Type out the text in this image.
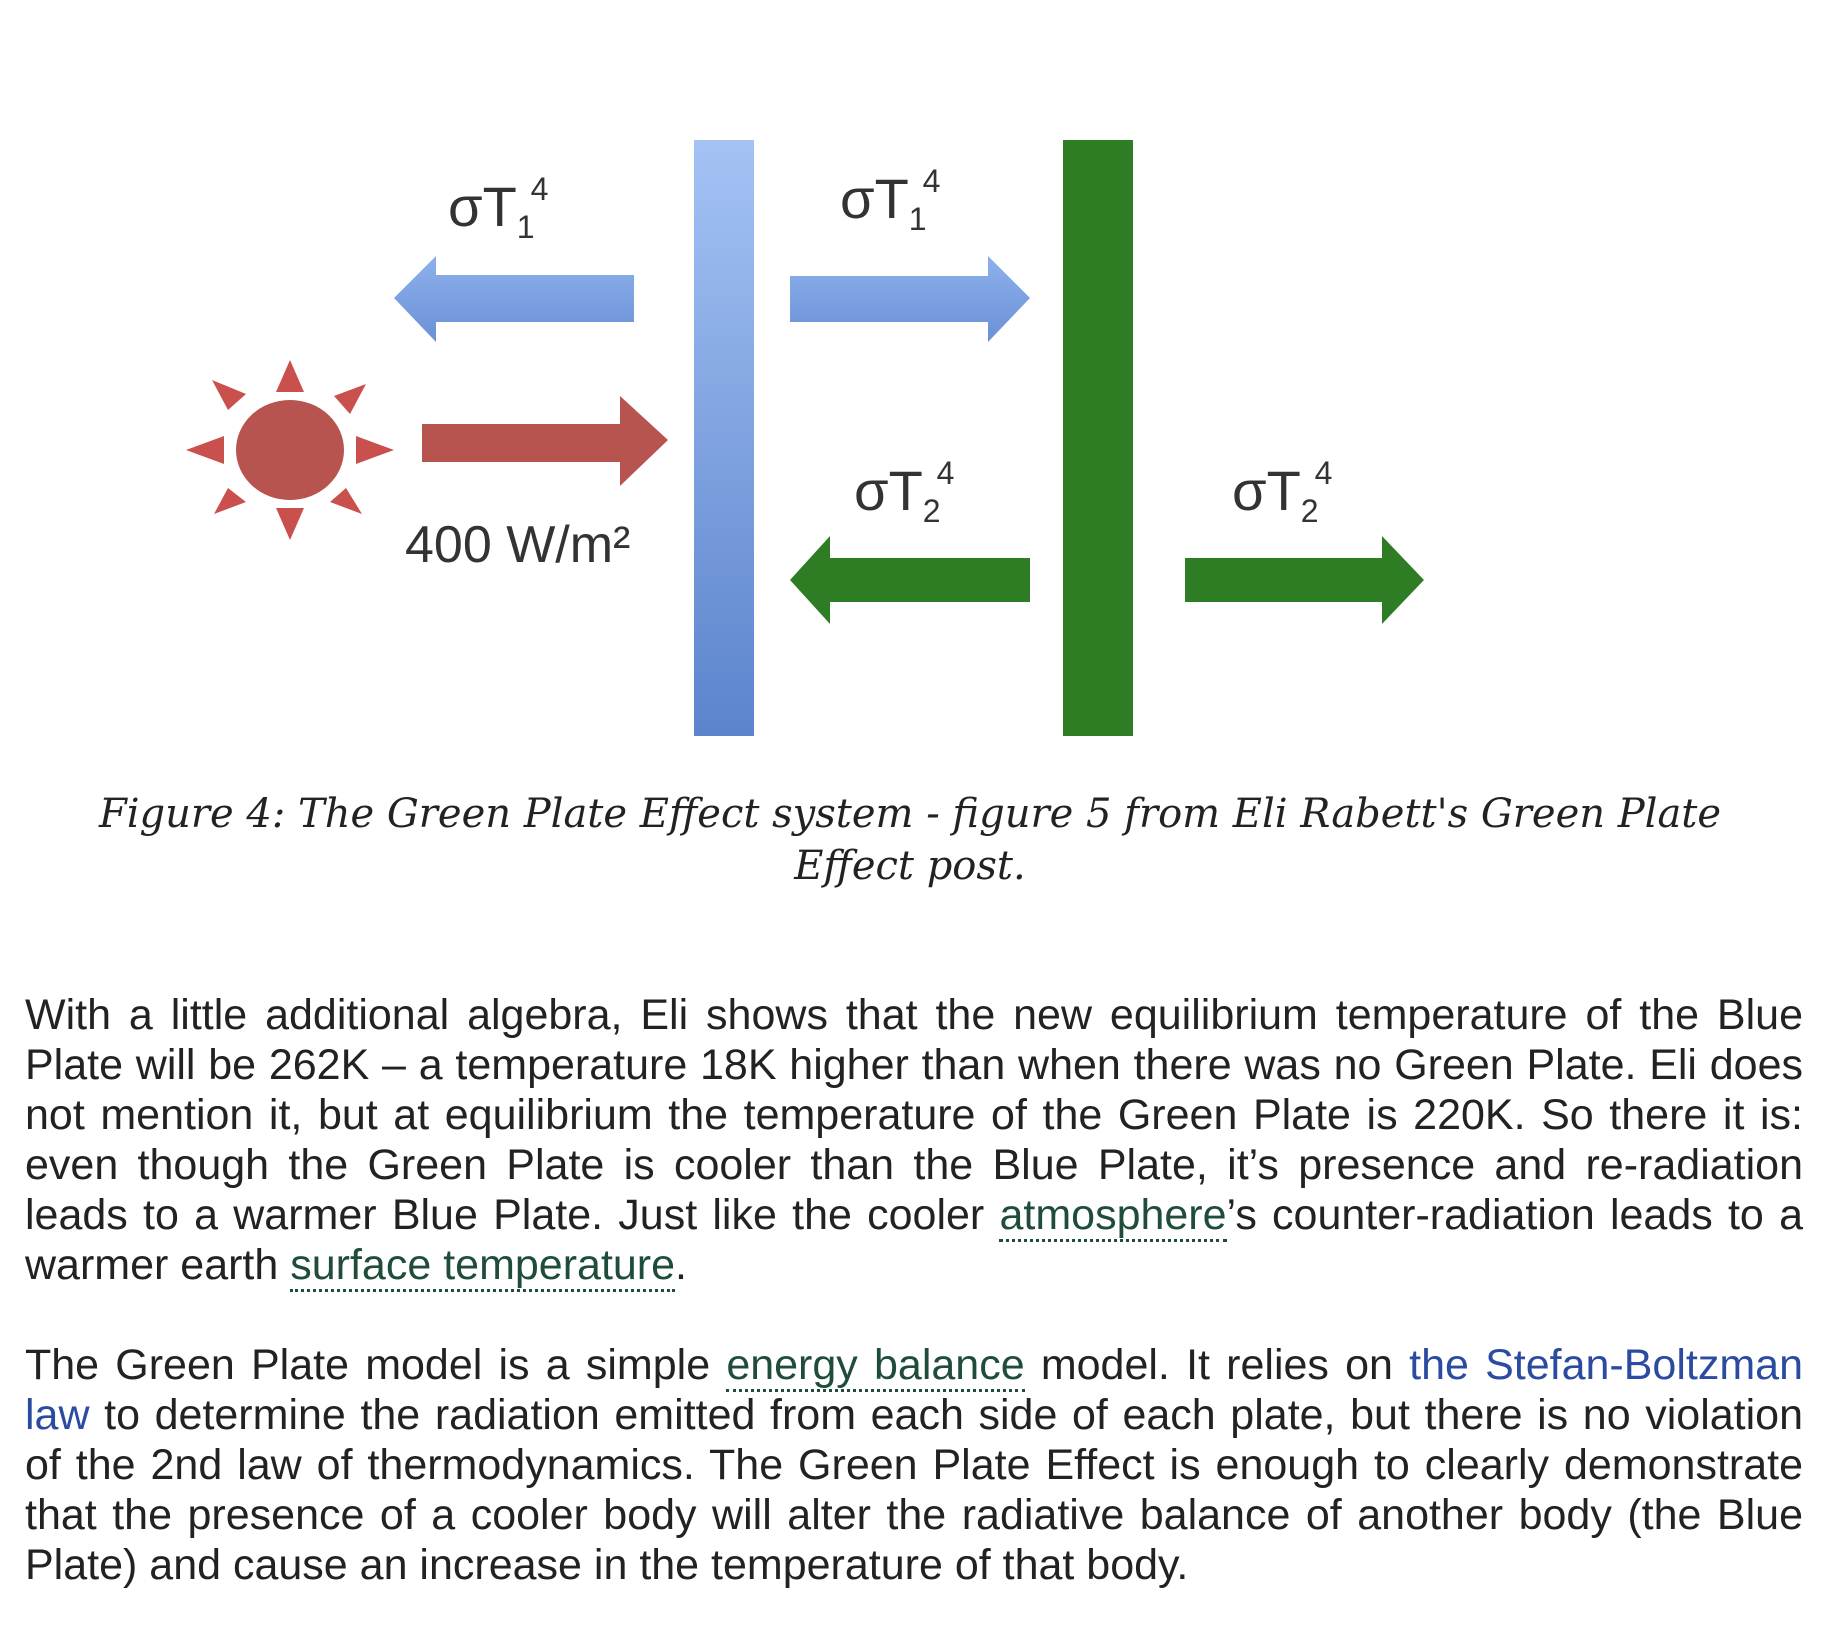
400 W/m²
$\sigma T_14$	$\sigma T_14$
$\sigma T_24$	$\sigma T_24$
Figure 4: The Green Plate Effect system - figure 5 from Eli Rabett's Green Plate Effect post.

With a little additional algebra, Eli shows that the new equilibrium temperature of the Blue Plate will be 262K – a temperature 18K higher than when there was no Green Plate. Eli does not mention it, but at equilibrium the temperature of the Green Plate is 220K. So there it is: even though the Green Plate is cooler than the Blue Plate, it’s presence and re-radiation leads to a warmer Blue Plate. Just like the cooler atmosphere’s counter-radiation leads to a warmer earth surface temperature.

The Green Plate model is a simple energy balance model. It relies on the Stefan-Boltzman law to determine the radiation emitted from each side of each plate, but there is no violation of the 2nd law of thermodynamics. The Green Plate Effect is enough to clearly demonstrate that the presence of a cooler body will alter the radiative balance of another body (the Blue Plate) and cause an increase in the temperature of that body.
